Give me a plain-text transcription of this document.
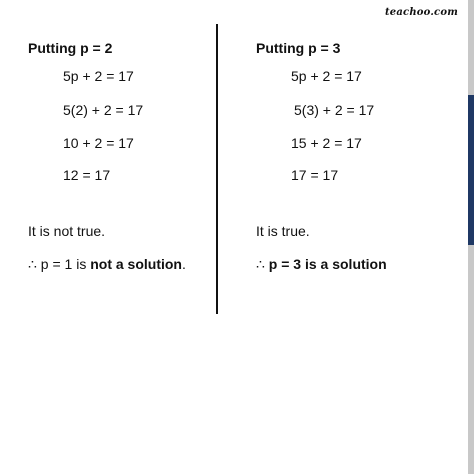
teachoo.com
Putting p = 2
5p + 2 = 17
5(2) + 2 = 17
10 + 2 = 17
12 = 17
It is not true.
∴ p = 1 is not a solution.
Putting p = 3
5p + 2 = 17
5(3) + 2 = 17
15 + 2 = 17
17 = 17
It is true.
∴ p = 3 is a solution
